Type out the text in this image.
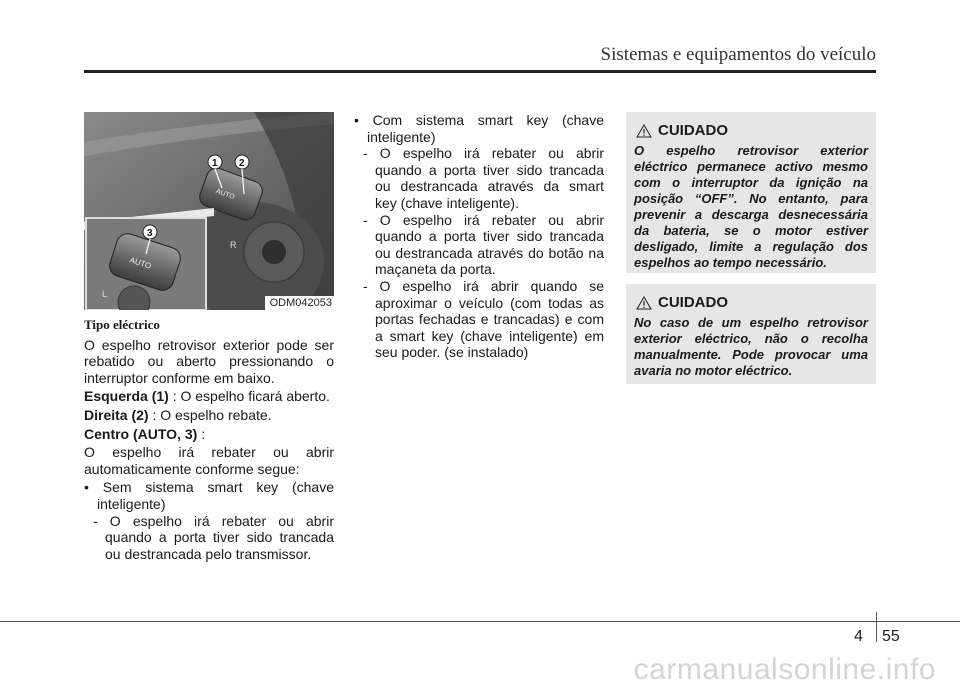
Sistemas e equipamentos do veículo
AUTO
1 2
AUTO
3
L
R
ODM042053
Tipo eléctrico

O espelho retrovisor exterior pode ser rebatido ou aberto pressionando o interruptor conforme em baixo.

Esquerda (1) : O espelho ficará aberto.

Direita (2) : O espelho rebate.

Centro (AUTO, 3) :

O espelho irá rebater ou abrir automaticamente conforme segue:

• Sem sistema smart key (chave inteligente)

- O espelho irá rebater ou abrir quando a porta tiver sido trancada ou destrancada pelo transmissor.

• Com sistema smart key (chave inteligente)

- O espelho irá rebater ou abrir quando a porta tiver sido trancada ou destrancada através da smart key (chave inteligente).

- O espelho irá rebater ou abrir quando a porta tiver sido trancada ou destrancada através do botão na maçaneta da porta.

- O espelho irá abrir quando se aproximar o veículo (com todas as portas fechadas e trancadas) e com a smart key (chave inteligente) em seu poder. (se instalado)

CUIDADO
O espelho retrovisor exterior eléctrico permanece activo mesmo com o interruptor da ignição na posição “OFF”. No entanto, para prevenir a descarga desnecessária da bateria, se o motor estiver desligado, limite a regulação dos espelhos ao tempo necessário.
CUIDADO
No caso de um espelho retrovisor exterior eléctrico, não o recolha manualmente. Pode provocar uma avaria no motor eléctrico.
4 55
carmanualsonline.info
